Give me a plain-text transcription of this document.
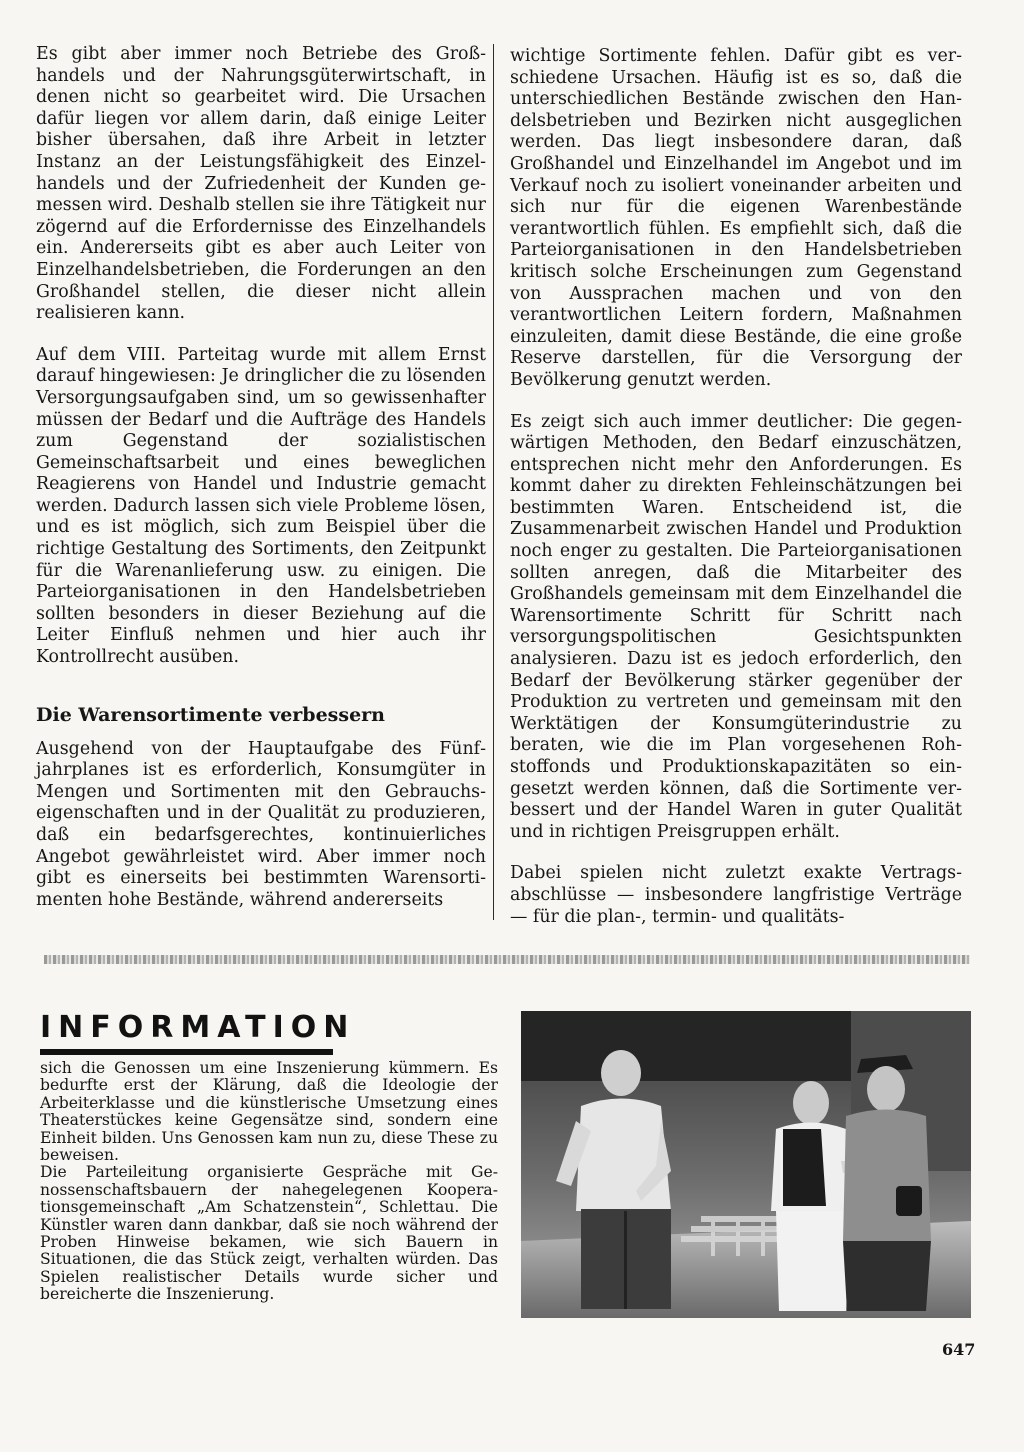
Es gibt aber immer noch Betriebe des Großhandels und der Nahrungsgüterwirtschaft, in denen nicht so gearbeitet wird. Die Ursachen dafür liegen vor allem darin, daß einige Leiter bisher übersahen, daß ihre Arbeit in letzter Instanz an der Leistungsfähigkeit des Einzelhandels und der Zufriedenheit der Kunden gemessen wird. Deshalb stellen sie ihre Tätigkeit nur zögernd auf die Erfordernisse des Einzelhandels ein. Andererseits gibt es aber auch Leiter von Einzelhandelsbetrieben, die Forderungen an den Großhandel stellen, die dieser nicht allein realisieren kann.

Auf dem VIII. Parteitag wurde mit allem Ernst darauf hingewiesen: Je dringlicher die zu lösenden Versorgungsaufgaben sind, um so gewissenhafter müssen der Bedarf und die Aufträge des Handels zum Gegenstand der sozialistischen Gemeinschaftsarbeit und eines beweglichen Reagierens von Handel und Industrie gemacht werden. Dadurch lassen sich viele Probleme lösen, und es ist möglich, sich zum Beispiel über die richtige Gestaltung des Sortiments, den Zeitpunkt für die Warenanlieferung usw. zu einigen. Die Parteiorganisationen in den Handelsbetrieben sollten besonders in dieser Beziehung auf die Leiter Einfluß nehmen und hier auch ihr Kontrollrecht ausüben.

Die Warensortimente verbessern

Ausgehend von der Hauptaufgabe des Fünfjahrplanes ist es erforderlich, Konsumgüter in Mengen und Sortimenten mit den Gebrauchseigenschaften und in der Qualität zu produzieren, daß ein bedarfsgerechtes, kontinuierliches Angebot gewährleistet wird. Aber immer noch gibt es einerseits bei bestimmten Warensortimenten hohe Bestände, während andererseits

wichtige Sortimente fehlen. Dafür gibt es verschiedene Ursachen. Häufig ist es so, daß die unterschiedlichen Bestände zwischen den Handelsbetrieben und Bezirken nicht ausgeglichen werden. Das liegt insbesondere daran, daß Großhandel und Einzelhandel im Angebot und im Verkauf noch zu isoliert voneinander arbeiten und sich nur für die eigenen Warenbestände verantwortlich fühlen. Es empfiehlt sich, daß die Parteiorganisationen in den Handelsbetrieben kritisch solche Erscheinungen zum Gegenstand von Aussprachen machen und von den verantwortlichen Leitern fordern, Maßnahmen einzuleiten, damit diese Bestände, die eine große Reserve darstellen, für die Versorgung der Bevölkerung genutzt werden.

Es zeigt sich auch immer deutlicher: Die gegenwärtigen Methoden, den Bedarf einzuschätzen, entsprechen nicht mehr den Anforderungen. Es kommt daher zu direkten Fehleinschätzungen bei bestimmten Waren. Entscheidend ist, die Zusammenarbeit zwischen Handel und Produktion noch enger zu gestalten. Die Parteiorganisationen sollten anregen, daß die Mitarbeiter des Großhandels gemeinsam mit dem Einzelhandel die Warensortimente Schritt für Schritt nach versorgungspolitischen Gesichtspunkten analysieren. Dazu ist es jedoch erforderlich, den Bedarf der Bevölkerung stärker gegenüber der Produktion zu vertreten und gemeinsam mit den Werktätigen der Konsumgüterindustrie zu beraten, wie die im Plan vorgesehenen Rohstoffonds und Produktionskapazitäten so eingesetzt werden können, daß die Sortimente verbessert und der Handel Waren in guter Qualität und in richtigen Preisgruppen erhält.

Dabei spielen nicht zuletzt exakte Vertragsabschlüsse — insbesondere langfristige Verträge — für die plan-, termin- und qualitäts-

INFORMATION

sich die Genossen um eine Inszenierung kümmern. Es bedurfte erst der Klärung, daß die Ideologie der Arbeiterklasse und die künstlerische Umsetzung eines Theaterstückes keine Gegensätze sind, sondern eine Einheit bilden. Uns Genossen kam nun zu, diese These zu beweisen.

Die Parteileitung organisierte Gespräche mit Genossenschaftsbauern der nahegelegenen Kooperationsgemeinschaft „Am Schatzenstein“, Schlettau. Die Künstler waren dann dankbar, daß sie noch während der Proben Hinweise bekamen, wie sich Bauern in Situationen, die das Stück zeigt, verhalten würden. Das Spielen realistischer Details wurde sicher und bereicherte die Inszenierung.

647
